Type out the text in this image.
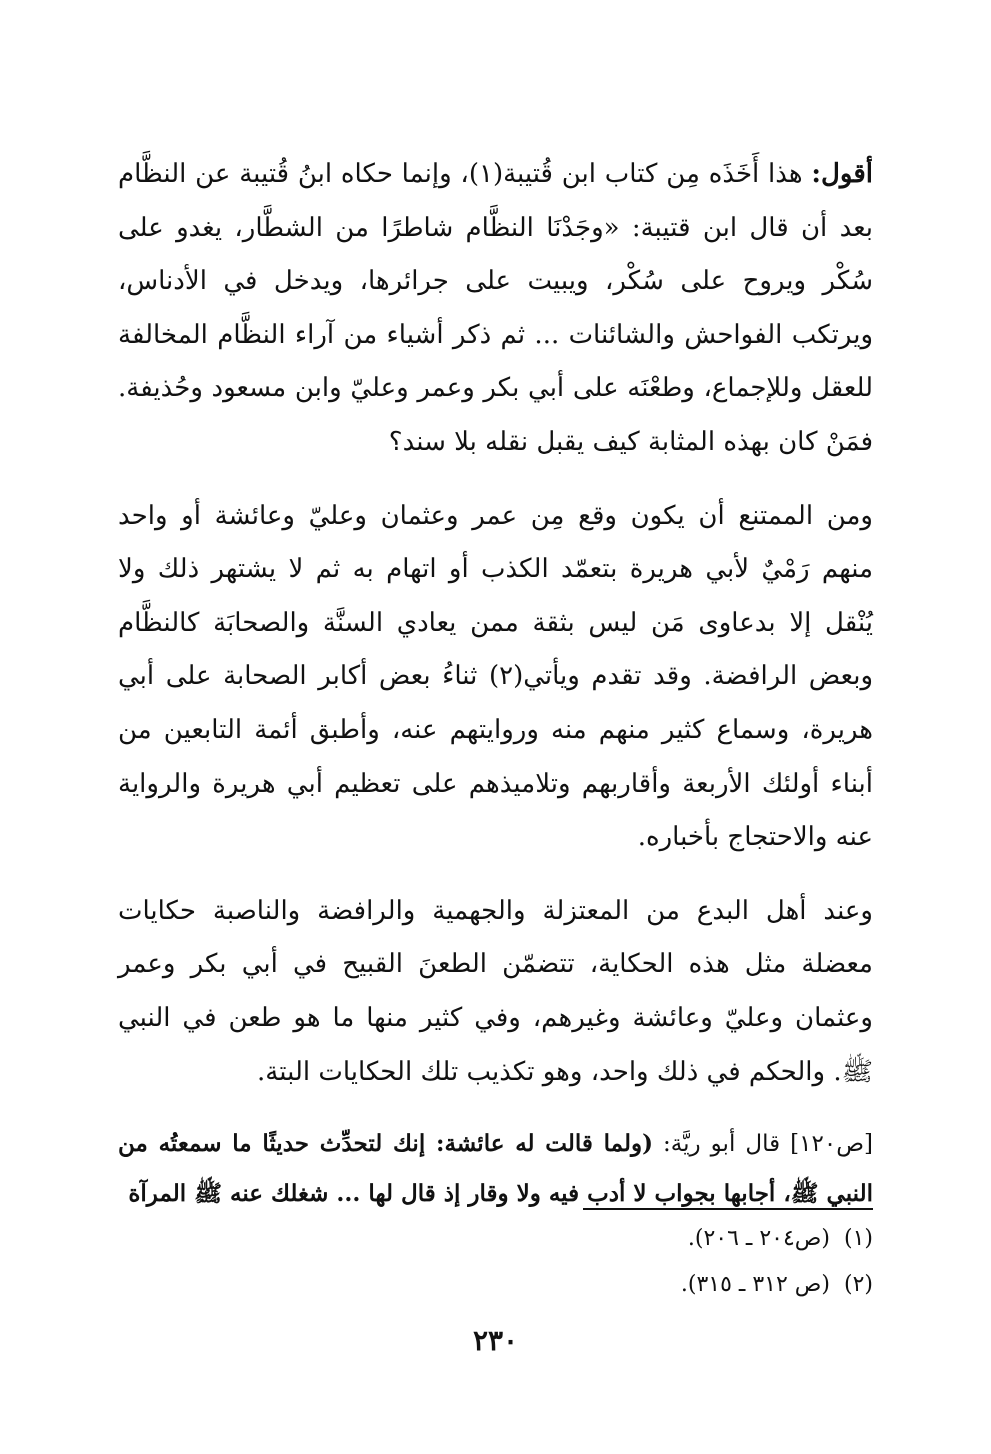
أقول: هذا أَخَذَه مِن كتاب ابن قُتيبة(١)، وإنما حكاه ابنُ قُتيبة عن النظَّام بعد أن قال ابن قتيبة: «وجَدْنَا النظَّام شاطرًا من الشطَّار، يغدو على سُكْر ويروح على سُكْر، ويبيت على جرائرها، ويدخل في الأدناس، ويرتكب الفواحش والشائنات ... ثم ذكر أشياء من آراء النظَّام المخالفة للعقل وللإجماع، وطعْنَه على أبي بكر وعمر وعليّ وابن مسعود وحُذيفة. فمَنْ كان بهذه المثابة كيف يقبل نقله بلا سند؟

ومن الممتنع أن يكون وقع مِن عمر وعثمان وعليّ وعائشة أو واحد منهم رَمْيٌ لأبي هريرة بتعمّد الكذب أو اتهام به ثم لا يشتهر ذلك ولا يُنْقل إلا بدعاوى مَن ليس بثقة ممن يعادي السنَّة والصحابَة كالنظَّام وبعض الرافضة. وقد تقدم ويأتي(٢) ثناءُ بعض أكابر الصحابة على أبي هريرة، وسماع كثير منهم منه وروايتهم عنه، وأطبق أئمة التابعين من أبناء أولئك الأربعة وأقاربهم وتلاميذهم على تعظيم أبي هريرة والرواية عنه والاحتجاج بأخباره.

وعند أهل البدع من المعتزلة والجهمية والرافضة والناصبة حكايات معضلة مثل هذه الحكاية، تتضمّن الطعنَ القبيح في أبي بكر وعمر وعثمان وعليّ وعائشة وغيرهم، وفي كثير منها ما هو طعن في النبي ﷺ. والحكم في ذلك واحد، وهو تكذيب تلك الحكايات البتة.

[ص١٢٠] قال أبو ريَّة: (ولما قالت له عائشة: إنك لتحدِّث حديثًا ما سمعتُه من النبي ﷺ، أجابها بجواب لا أدب فيه ولا وقار إذ قال لها ... شغلك عنه ﷺ المرآة

(١)(ص٢٠٤ ـ ٢٠٦).

(٢)(ص ٣١٢ ـ ٣١٥).

٢٣٠
